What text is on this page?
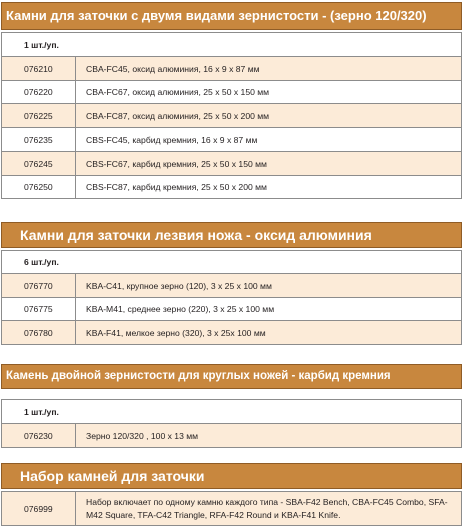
Камни для заточки с двумя видами зернистости - (зерно 120/320)
1 шт./уп.	
076210	CBA-FC45, оксид алюминия, 16 x 9 x 87 мм
076220	CBA-FC67, оксид алюминия, 25 x 50 x 150 мм
076225	CBA-FC87, оксид алюминия, 25 x 50 x 200 мм
076235	CBS-FC45, карбид кремния, 16 x 9 x 87 мм
076245	CBS-FC67, карбид кремния, 25 x 50 x 150 мм
076250	CBS-FC87, карбид кремния, 25 x 50 x 200 мм
Камни для заточки лезвия ножа - оксид алюминия
6 шт./уп.	
076770	KBA-C41, крупное зерно (120), 3 x 25 x 100 мм
076775	KBA-M41, среднее зерно (220), 3 x 25 x 100 мм
076780	KBA-F41, мелкое зерно (320), 3 x 25x 100 мм
Камень двойной зернистости для круглых ножей - карбид кремния
1 шт./уп.
076230	Зерно 120/320 , 100 x 13 мм
Набор камней для заточки
076999	Набор включает по одному камню каждого типа - SBA-F42 Bench, CBA-FC45 Combo, SFA-M42 Square, TFA-C42 Triangle, RFA-F42 Round и KBA-F41 Knife.
